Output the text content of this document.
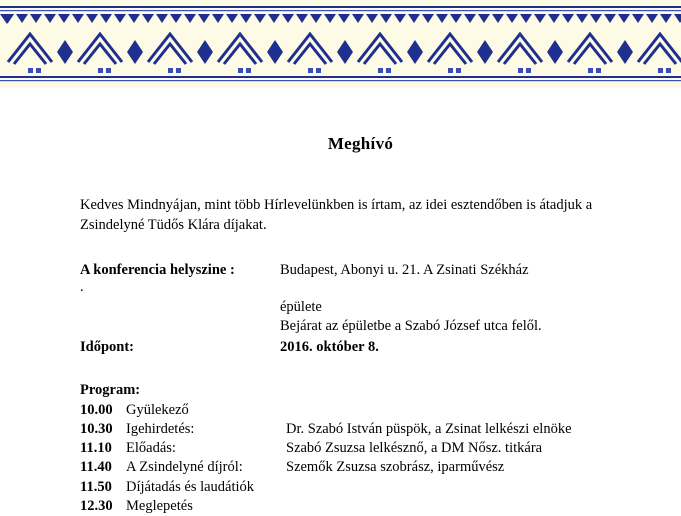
Meghívó

Kedves Mindnyájan, mint több Hírlevelünkben is írtam, az idei esztendőben is átadjuk a Zsindelyné Tüdős Klára díjakat.

A konferencia helyszine :	Budapest, Abonyi u. 21. A Zsinati Székház
.
épülete
Bejárat az épületbe a Szabó József utca felől.
Időpont:	2016. október 8.
Program:
10.00 Gyülekező
10.30 Igehirdetés:	Dr. Szabó István püspök, a Zsinat lelkészi elnöke
11.10 Előadás:	Szabó Zsuzsa lelkésznő, a DM Nősz. titkára
11.40 A Zsindelyné díjról:	Szemők Zsuzsa szobrász, iparművész
11.50 Díjátadás és laudátiók
12.30 Meglepetés
